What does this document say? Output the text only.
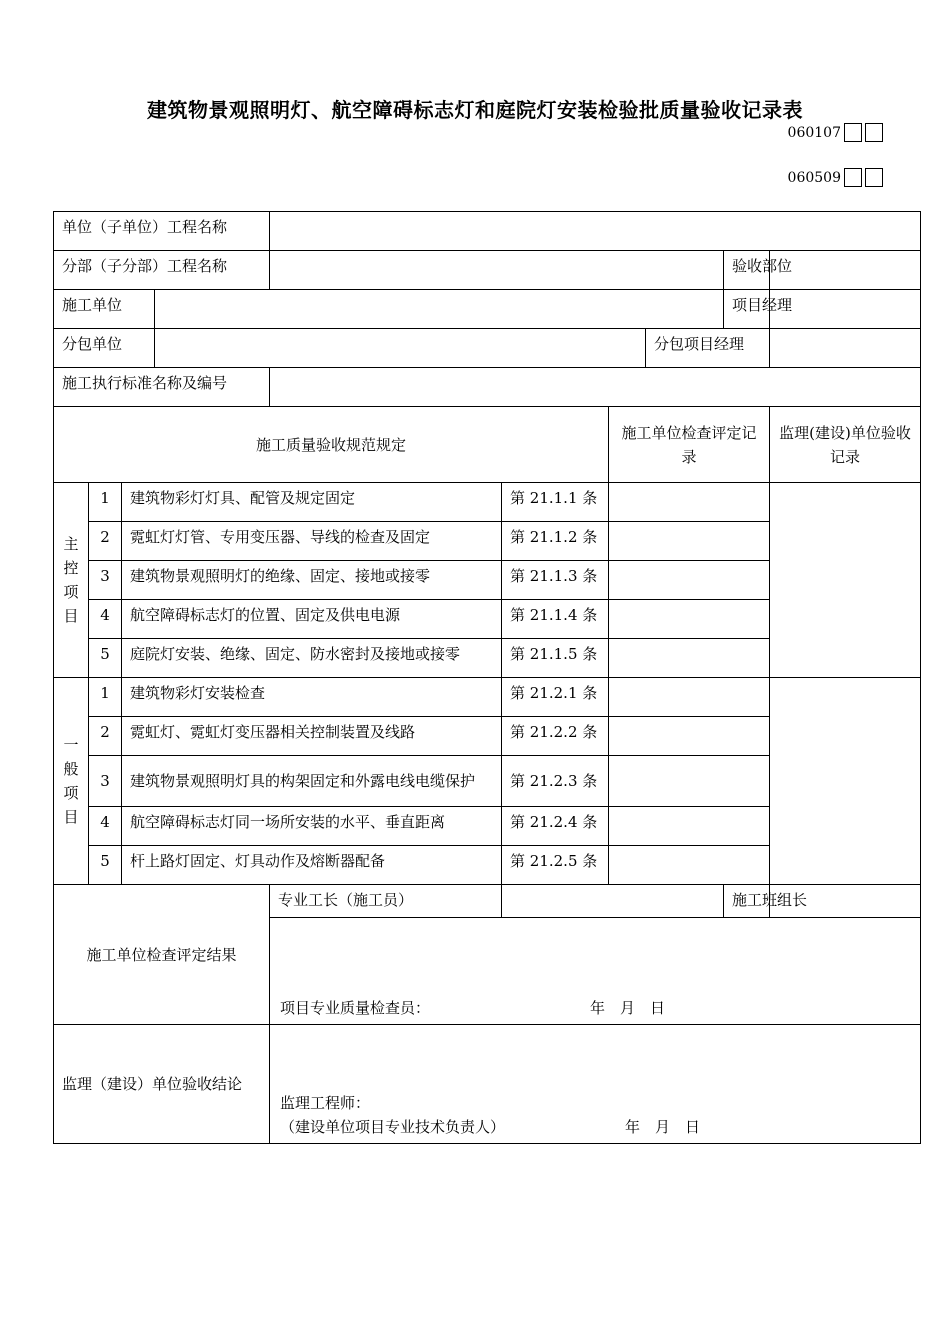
建筑物景观照明灯、航空障碍标志灯和庭院灯安装检验批质量验收记录表
060107
060509
单位（子单位）工程名称									
分部（子分部）工程名称								验收部位	
施工单位								项目经理	
分包单位							分包项目经理		
施工执行标准名称及编号									
施工质量验收规范规定						施工单位检查评定记录			监理(建设)单位验收记录

主控项目	1	建筑物彩灯灯具、配管及规定固定			第 21.1.1 条				
	2	霓虹灯灯管、专用变压器、导线的检查及固定			第 21.1.2 条				
	3	建筑物景观照明灯的绝缘、固定、接地或接零			第 21.1.3 条				
	4	航空障碍标志灯的位置、固定及供电电源			第 21.1.4 条				
	5	庭院灯安装、绝缘、固定、防水密封及接地或接零			第 21.1.5 条				

一般项目	1	建筑物彩灯安装检查			第 21.2.1 条				
	2	霓虹灯、霓虹灯变压器相关控制装置及线路			第 21.2.2 条				
	3	建筑物景观照明灯具的构架固定和外露电线电缆保护			第 21.2.3 条				
	4	航空障碍标志灯同一场所安装的水平、垂直距离			第 21.2.4 条				
	5	杆上路灯固定、灯具动作及熔断器配备			第 21.2.5 条				
施工单位检查评定结果				专业工长（施工员）				施工班组长	

				项目专业质量检查员： 年　月　日					

监理（建设）单位验收结论				监理工程师：
（建设单位项目专业技术负责人） 年　月　日					
